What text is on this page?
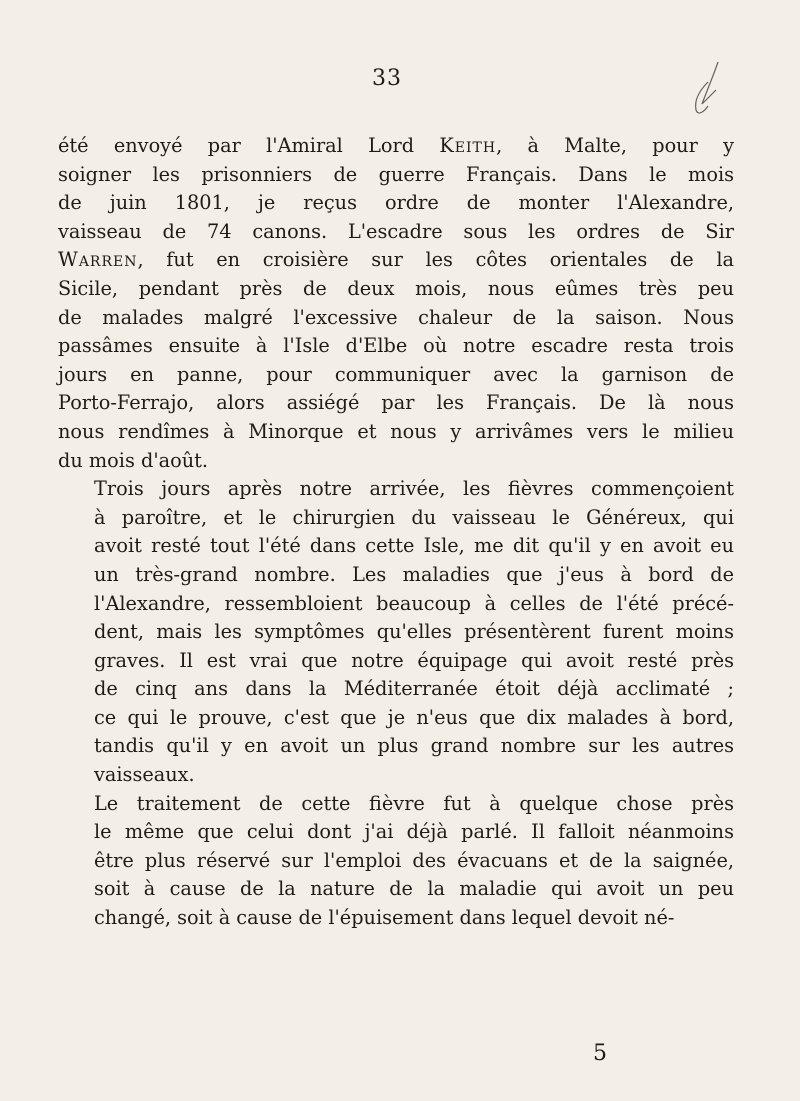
33

été envoyé par l'Amiral Lord Keith, à Malte, pour y
soigner les prisonniers de guerre Français. Dans le mois
de juin 1801, je reçus ordre de monter l'Alexandre,
vaisseau de 74 canons. L'escadre sous les ordres de Sir
Warren, fut en croisière sur les côtes orientales de la
Sicile, pendant près de deux mois, nous eûmes très peu
de malades malgré l'excessive chaleur de la saison. Nous
passâmes ensuite à l'Isle d'Elbe où notre escadre resta trois
jours en panne, pour communiquer avec la garnison de
Porto-Ferrajo, alors assiégé par les Français. De là nous
nous rendîmes à Minorque et nous y arrivâmes vers le milieu
du mois d'août.

Trois jours après notre arrivée, les fièvres commençoient
à paroître, et le chirurgien du vaisseau le Généreux, qui
avoit resté tout l'été dans cette Isle, me dit qu'il y en avoit eu
un très-grand nombre. Les maladies que j'eus à bord de
l'Alexandre, ressembloient beaucoup à celles de l'été précé-
dent, mais les symptômes qu'elles présentèrent furent moins
graves. Il est vrai que notre équipage qui avoit resté près
de cinq ans dans la Méditerranée étoit déjà acclimaté ;
ce qui le prouve, c'est que je n'eus que dix malades à bord,
tandis qu'il y en avoit un plus grand nombre sur les autres
vaisseaux.

Le traitement de cette fièvre fut à quelque chose près
le même que celui dont j'ai déjà parlé. Il falloit néanmoins
être plus réservé sur l'emploi des évacuans et de la saignée,
soit à cause de la nature de la maladie qui avoit un peu
changé, soit à cause de l'épuisement dans lequel devoit né-

5
